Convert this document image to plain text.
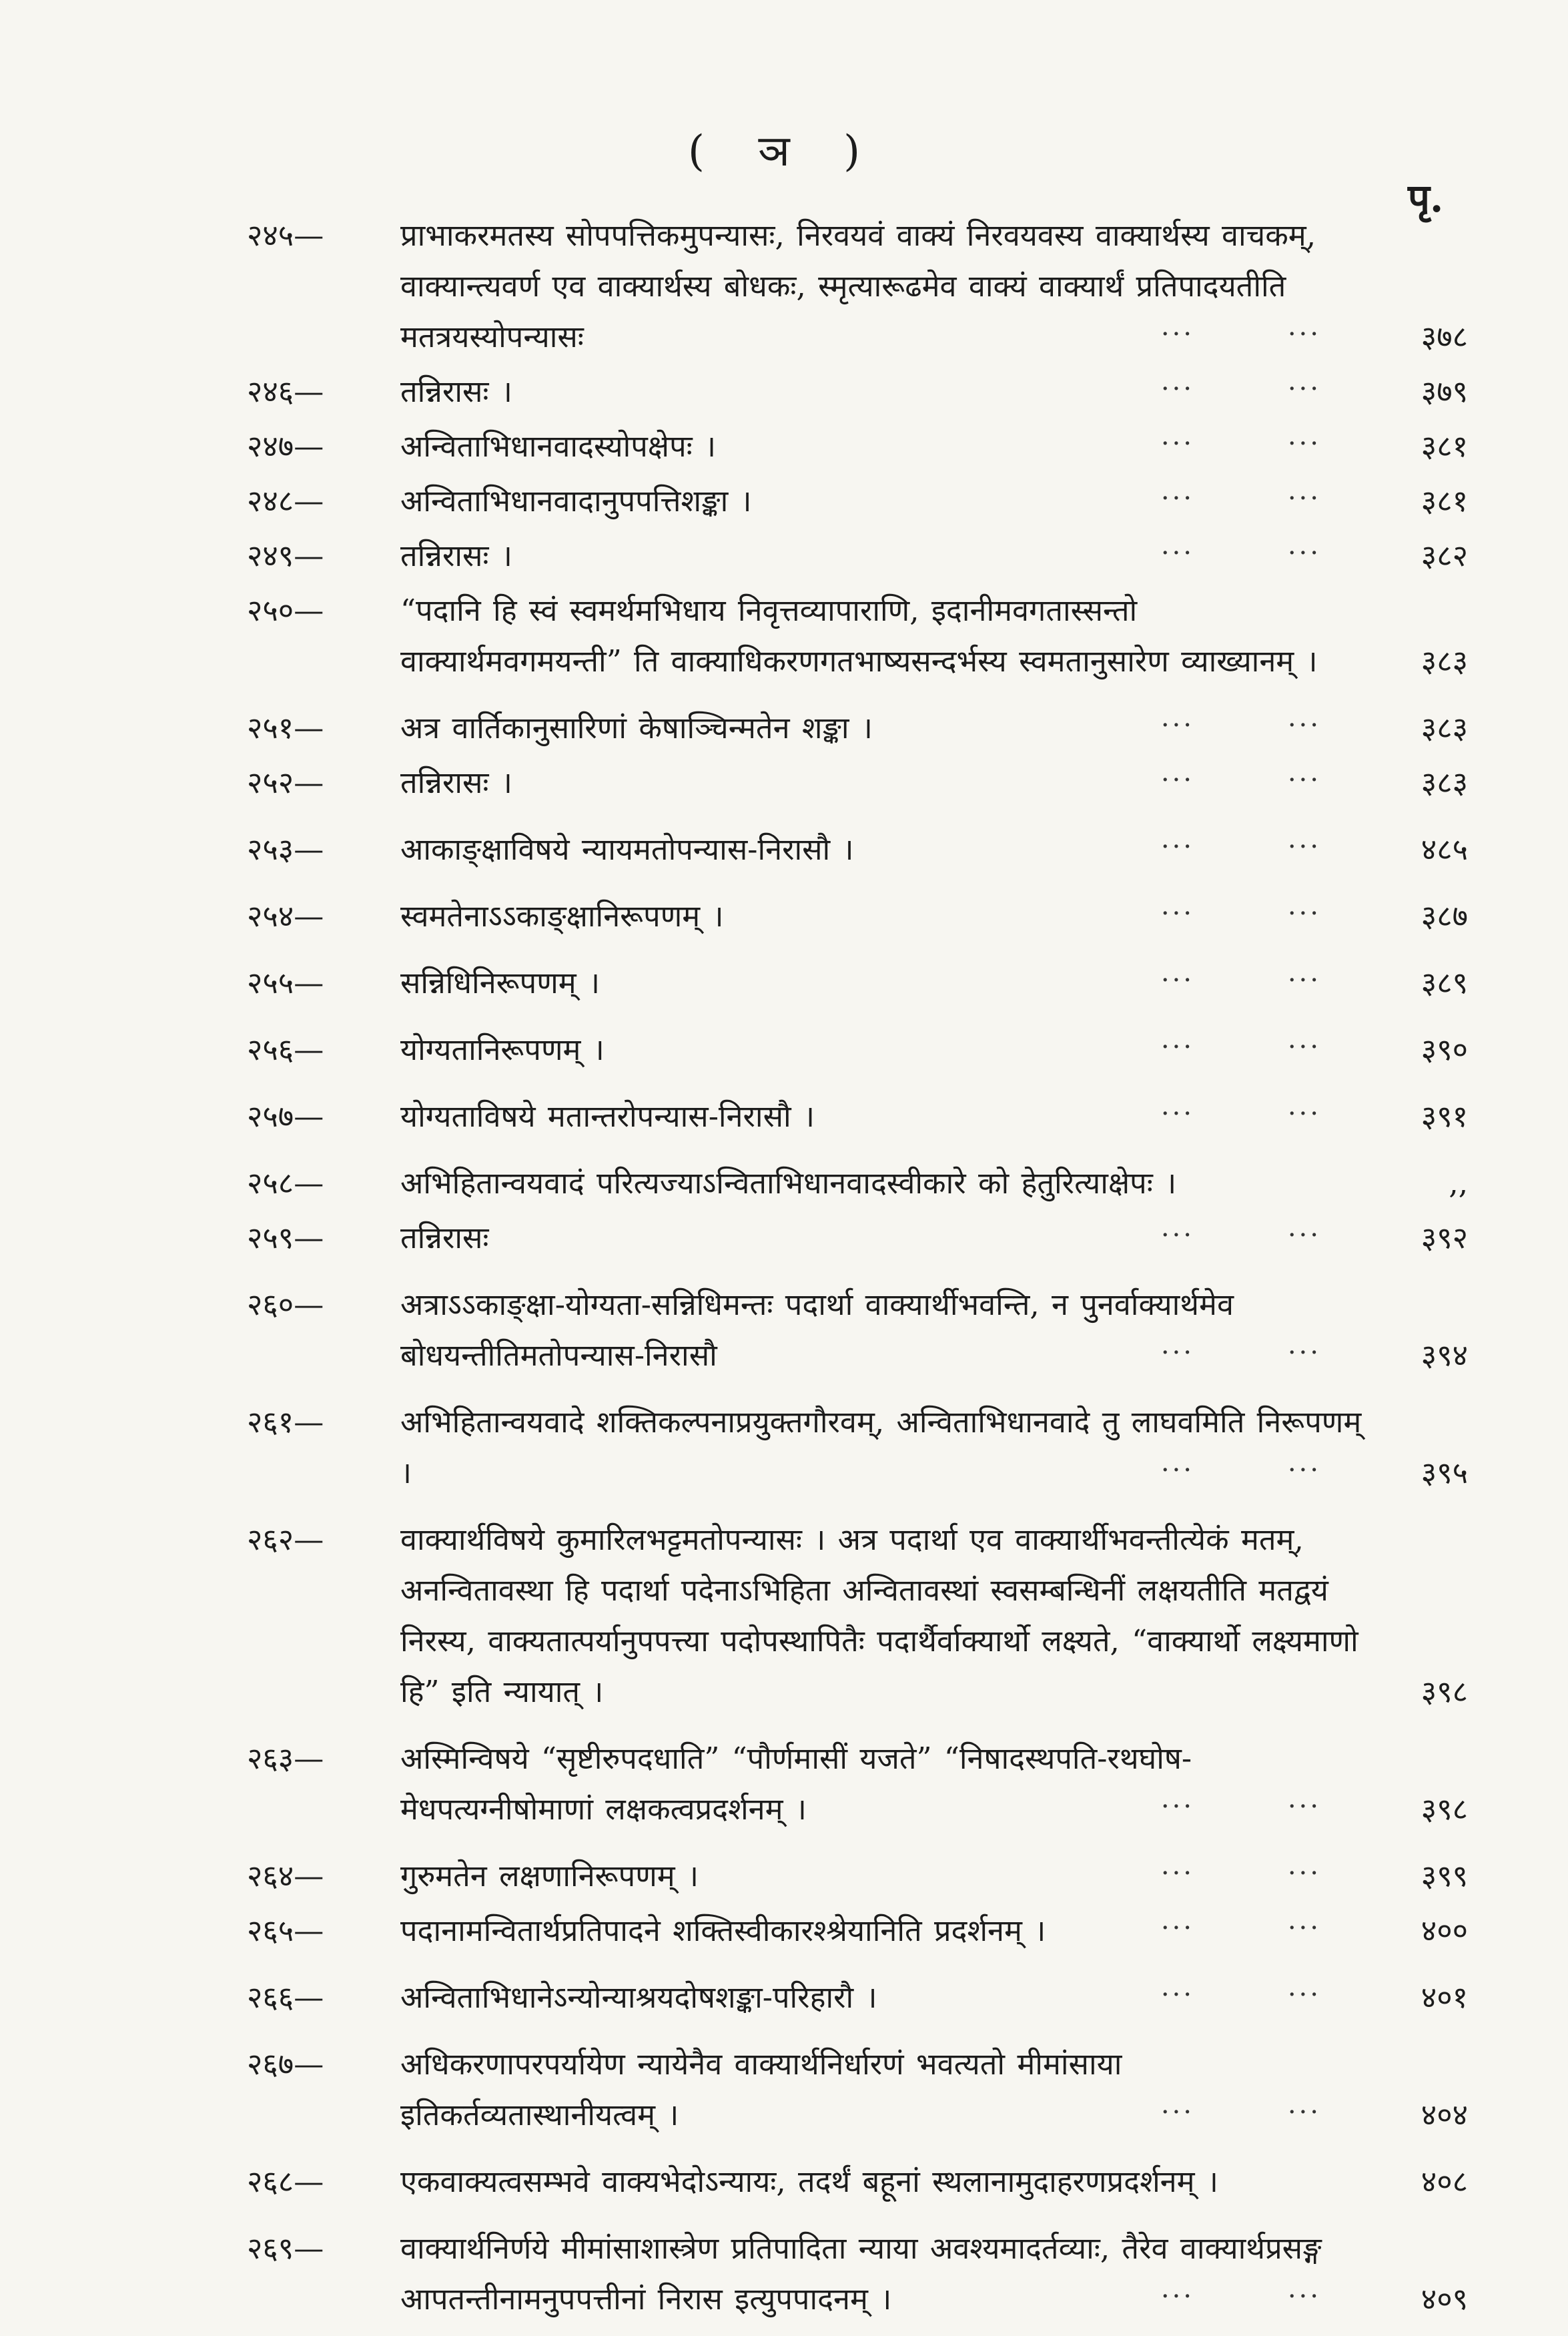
( ञ )
पृ.
२४५—	प्राभाकरमतस्य सोपपत्तिकमुपन्यासः, निरवयवं वाक्यं निरवयवस्य वाक्यार्थस्य वाचकम्, वाक्यान्त्यवर्ण एव वाक्यार्थस्य बोधकः, स्मृत्यारूढमेव वाक्यं वाक्यार्थं प्रतिपादयतीति मतत्रयस्योपन्यासः	...	...	३७८
२४६—	तन्निरासः ।	...	...	३७९
२४७—	अन्विताभिधानवादस्योपक्षेपः ।	...	...	३८१
२४८—	अन्विताभिधानवादानुपपत्तिशङ्का ।	...	...	३८१
२४९—	तन्निरासः ।	...	...	३८२
२५०—	“पदानि हि स्वं स्वमर्थमभिधाय निवृत्तव्यापाराणि, इदानीमवगतास्सन्तो वाक्यार्थमवगमयन्ती” ति वाक्याधिकरणगतभाष्यसन्दर्भस्य स्वमतानुसारेण व्याख्यानम् ।	३८३
२५१—	अत्र वार्तिकानुसारिणां केषाञ्चिन्मतेन शङ्का ।	...	...	३८३
२५२—	तन्निरासः ।	...	...	३८३
२५३—	आकाङ्क्षाविषये न्यायमतोपन्यास-निरासौ ।	...	...	४८५
२५४—	स्वमतेनाऽऽकाङ्क्षानिरूपणम् ।	...	...	३८७
२५५—	सन्निधिनिरूपणम् ।	...	...	३८९
२५६—	योग्यतानिरूपणम् ।	...	...	३९०
२५७—	योग्यताविषये मतान्तरोपन्यास-निरासौ ।	...	...	३९१
२५८—	अभिहितान्वयवादं परित्यज्याऽन्विताभिधानवादस्वीकारे को हेतुरित्याक्षेपः ।	,,
२५९—	तन्निरासः	...	...	३९२
२६०—	अत्राऽऽकाङ्क्षा-योग्यता-सन्निधिमन्तः पदार्था वाक्यार्थीभवन्ति, न पुनर्वाक्यार्थमेव बोधयन्तीतिमतोपन्यास-निरासौ	...	...	३९४
२६१—	अभिहितान्वयवादे शक्तिकल्पनाप्रयुक्तगौरवम्, अन्विताभिधानवादे तु लाघवमिति निरूपणम् ।	...	...	३९५
२६२—	वाक्यार्थविषये कुमारिलभट्टमतोपन्यासः । अत्र पदार्था एव वाक्यार्थीभवन्तीत्येकं मतम्, अनन्वितावस्था हि पदार्था पदेनाऽभिहिता अन्वितावस्थां स्वसम्बन्धिनीं लक्षयतीति मतद्वयं निरस्य, वाक्यतात्पर्यानुपपत्त्या पदोपस्थापितैः पदार्थैर्वाक्यार्थो लक्ष्यते, “वाक्यार्थो लक्ष्यमाणो हि” इति न्यायात् ।	३९८
२६३—	अस्मिन्विषये “सृष्टीरुपदधाति” “पौर्णमासीं यजते” “निषादस्थपति-रथघोष-मेधपत्यग्नीषोमाणां लक्षकत्वप्रदर्शनम् ।	...	...	३९८
२६४—	गुरुमतेन लक्षणानिरूपणम् ।	...	...	३९९
२६५—	पदानामन्वितार्थप्रतिपादने शक्तिस्वीकारश्श्रेयानिति प्रदर्शनम् ।	...	...	४००
२६६—	अन्विताभिधानेऽन्योन्याश्रयदोषशङ्का-परिहारौ ।	...	...	४०१
२६७—	अधिकरणापरपर्यायेण न्यायेनैव वाक्यार्थनिर्धारणं भवत्यतो मीमांसाया इतिकर्तव्यतास्थानीयत्वम् ।	...	...	४०४
२६८—	एकवाक्यत्वसम्भवे वाक्यभेदोऽन्यायः, तदर्थं बहूनां स्थलानामुदाहरणप्रदर्शनम् ।	४०८
२६९—	वाक्यार्थनिर्णये मीमांसाशास्त्रेण प्रतिपादिता न्याया अवश्यमादर्तव्याः, तैरेव वाक्यार्थप्रसङ्ग आपतन्तीनामनुपपत्तीनां निरास इत्युपपादनम् ।	...	...	४०९
